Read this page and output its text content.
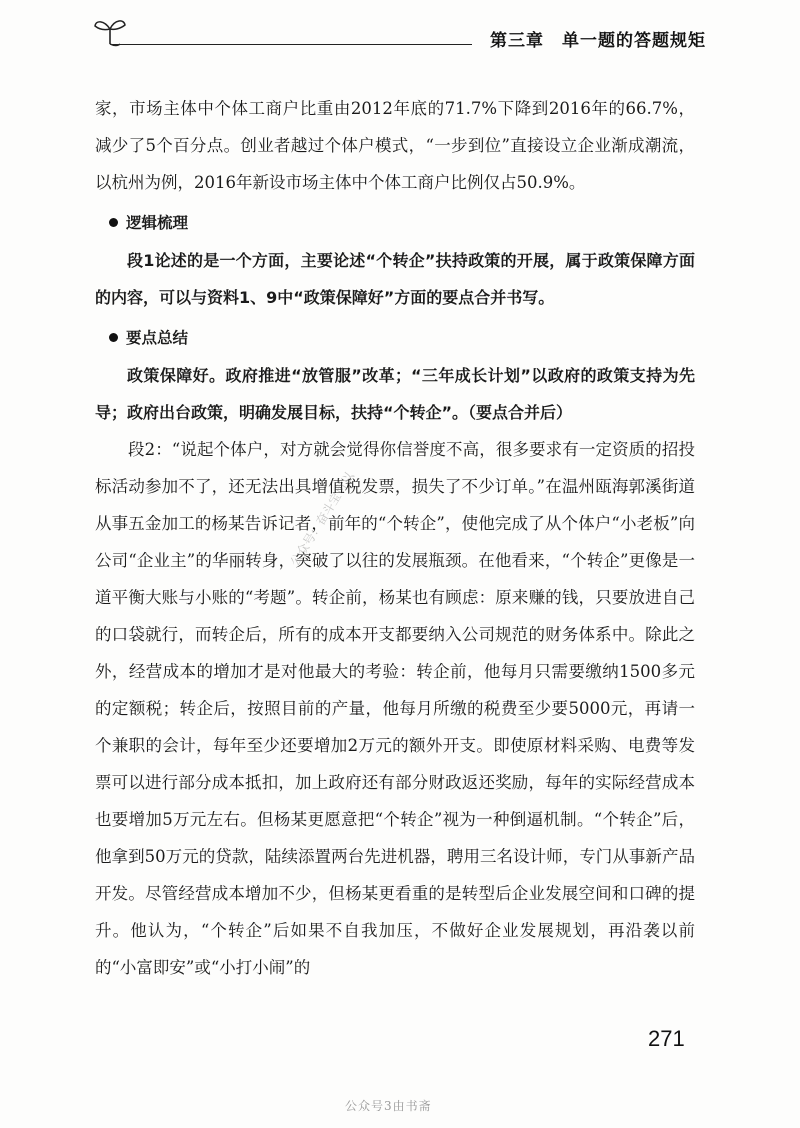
第三章 单一题的答题规矩

家，市场主体中个体工商户比重由2012年底的71.7%下降到2016年的66.7%，减少了5个百分点。创业者越过个体户模式，“一步到位”直接设立企业渐成潮流，以杭州为例，2016年新设市场主体中个体工商户比例仅占50.9%。

逻辑梳理

段1论述的是一个方面，主要论述“个转企”扶持政策的开展，属于政策保障方面的内容，可以与资料1、9中“政策保障好”方面的要点合并书写。

要点总结

政策保障好。政府推进“放管服”改革；“三年成长计划”以政府的政策支持为先导；政府出台政策，明确发展目标，扶持“个转企”。（要点合并后）

段2：“说起个体户，对方就会觉得你信誉度不高，很多要求有一定资质的招投标活动参加不了，还无法出具增值税发票，损失了不少订单。”在温州瓯海郭溪街道从事五金加工的杨某告诉记者，前年的“个转企”，使他完成了从个体户“小老板”向公司“企业主”的华丽转身，突破了以往的发展瓶颈。在他看来，“个转企”更像是一道平衡大账与小账的“考题”。转企前，杨某也有顾虑：原来赚的钱，只要放进自己的口袋就行，而转企后，所有的成本开支都要纳入公司规范的财务体系中。除此之外，经营成本的增加才是对他最大的考验：转企前，他每月只需要缴纳1500多元的定额税；转企后，按照目前的产量，他每月所缴的税费至少要5000元，再请一个兼职的会计，每年至少还要增加2万元的额外开支。即使原材料采购、电费等发票可以进行部分成本抵扣，加上政府还有部分财政返还奖励，每年的实际经营成本也要增加5万元左右。但杨某更愿意把“个转企”视为一种倒逼机制。“个转企”后，他拿到50万元的贷款，陆续添置两台先进机器，聘用三名设计师，专门从事新产品开发。尽管经营成本增加不少，但杨某更看重的是转型后企业发展空间和口碑的提升。他认为，“个转企”后如果不自我加压，不做好企业发展规划，再沿袭以前的“小富即安”或“小打小闹”的

公众号：奋斗宝可以
271
公众号3由书斋
